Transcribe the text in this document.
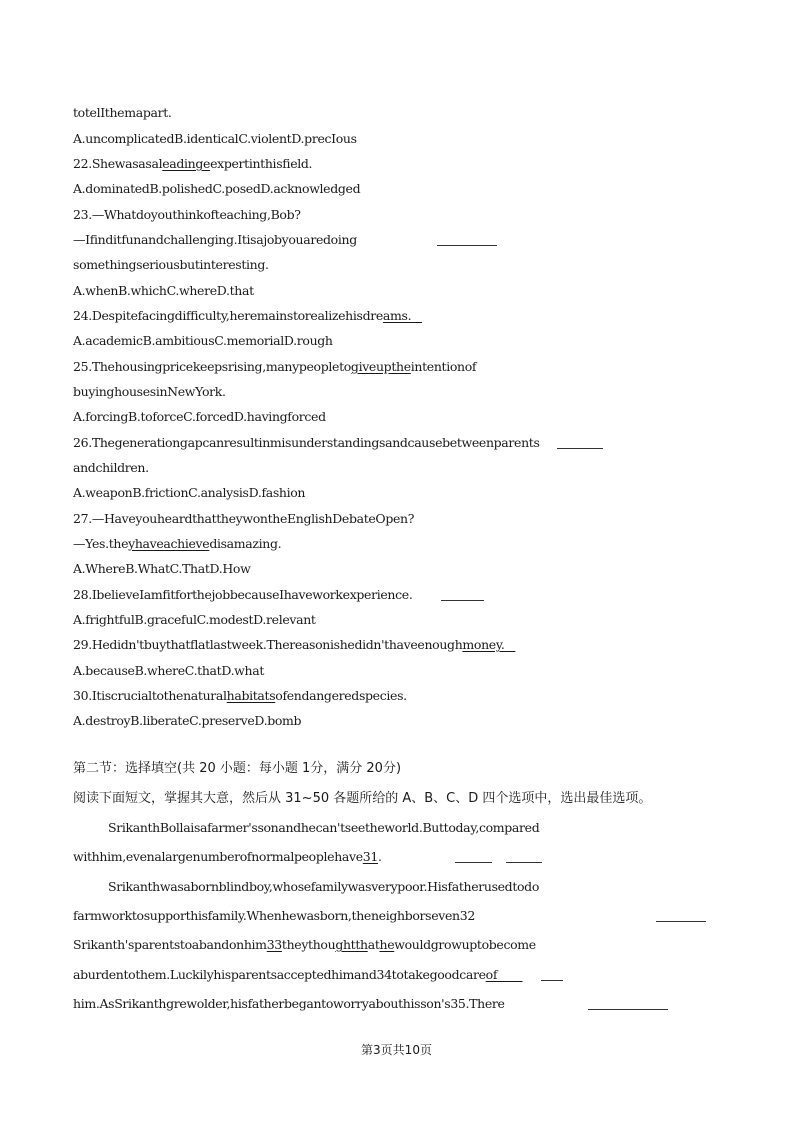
totelIthemapart.
A.uncomplicatedB.identicalC.violentD.precIous
22.Shewasasaleadingeexpertinthisfield.
A.dominatedB.polishedC.posedD.acknowledged
23.—Whatdoyouthinkofteaching,Bob?
—Ifinditfunandchallenging.Itisajobyouaredoing
somethingseriousbutinteresting.
A.whenB.whichC.whereD.that
24.Despitefacingdifficulty,heremainstorealizehisdreams.
A.academicB.ambitiousC.memorialD.rough
25.Thehousingpricekeepsrising,manypeopletogiveuptheintentionof
buyinghousesinNewYork.
A.forcingB.toforceC.forcedD.havingforced
26.Thegenerationgapcanresultinmisunderstandingsandcausebetweenparents
andchildren.
A.weaponB.frictionC.analysisD.fashion
27.—HaveyouheardthattheywontheEnglishDebateOpen?
—Yes.theyhaveachievedisamazing.
A.WhereB.WhatC.ThatD.How
28.IbelieveIamfitforthejobbecauseIhaveworkexperience.
A.frightfulB.gracefulC.modestD.relevant
29.Hedidn'tbuythatflatlastweek.Thereasonishedidn'thaveenoughmoney.
A.becauseB.whereC.thatD.what
30.Itiscrucialtothenaturalhabitatsofendangeredspecies.
A.destroyB.liberateC.preserveD.bomb
第二节：选择填空(共 20 小题：每小题 1分，满分 20分)
阅读下面短文，掌握其大意，然后从 31~50 各题所给的 A、B、C、D 四个选项中，选出最佳选项。
SrikanthBollaisafarmer'ssonandhecan'tseetheworld.Buttoday,compared
withhim,evenalargenumberofnormalpeoplehave31.
Srikanthwasabornblindboy,whosefamilywasverypoor.Hisfatherusedtodo
farmworktosupporthisfamily.Whenhewasborn,theneighborseven32
Srikanth'sparentstoabandonhim33theythoughtthathewouldgrowuptobecome
aburdentothem.Luckilyhisparentsacceptedhimand34totakegoodcareof
him.AsSrikanthgrewolder,hisfatherbegantoworryabouthisson's35.There
第3页共10页
